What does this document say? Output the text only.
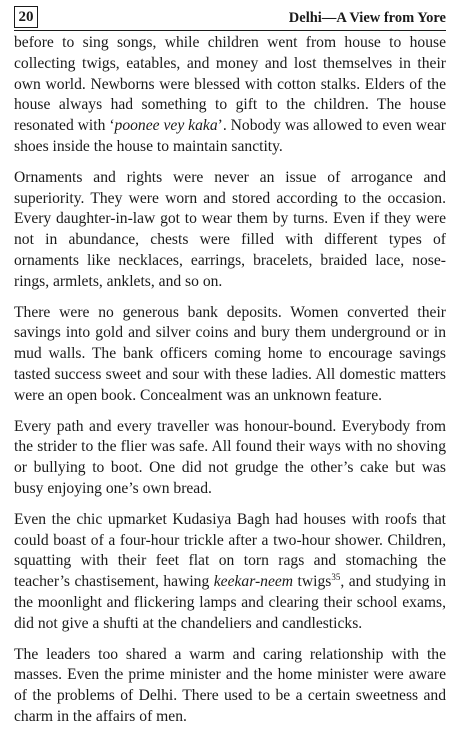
20	Delhi—A View from Yore

before to sing songs, while children went from house to house collecting twigs, eatables, and money and lost themselves in their own world. Newborns were blessed with cotton stalks. Elders of the house always had something to gift to the children. The house resonated with ‘poonee vey kaka’. Nobody was allowed to even wear shoes inside the house to maintain sanctity.

Ornaments and rights were never an issue of arrogance and superiority. They were worn and stored according to the occasion. Every daughter-in-law got to wear them by turns. Even if they were not in abundance, chests were filled with different types of ornaments like necklaces, earrings, bracelets, braided lace, nose-rings, armlets, anklets, and so on.

There were no generous bank deposits. Women converted their savings into gold and silver coins and bury them underground or in mud walls. The bank officers coming home to encourage savings tasted success sweet and sour with these ladies. All domestic matters were an open book. Concealment was an unknown feature.

Every path and every traveller was honour-bound. Everybody from the strider to the flier was safe. All found their ways with no shoving or bullying to boot. One did not grudge the other’s cake but was busy enjoying one’s own bread.

Even the chic upmarket Kudasiya Bagh had houses with roofs that could boast of a four-hour trickle after a two-hour shower. Children, squatting with their feet flat on torn rags and stomaching the teacher’s chastisement, hawing keekar-neem twigs$^{35}$, and studying in the moonlight and flickering lamps and clearing their school exams, did not give a shufti at the chandeliers and candlesticks.

The leaders too shared a warm and caring relationship with the masses. Even the prime minister and the home minister were aware of the problems of Delhi. There used to be a certain sweetness and charm in the affairs of men.
